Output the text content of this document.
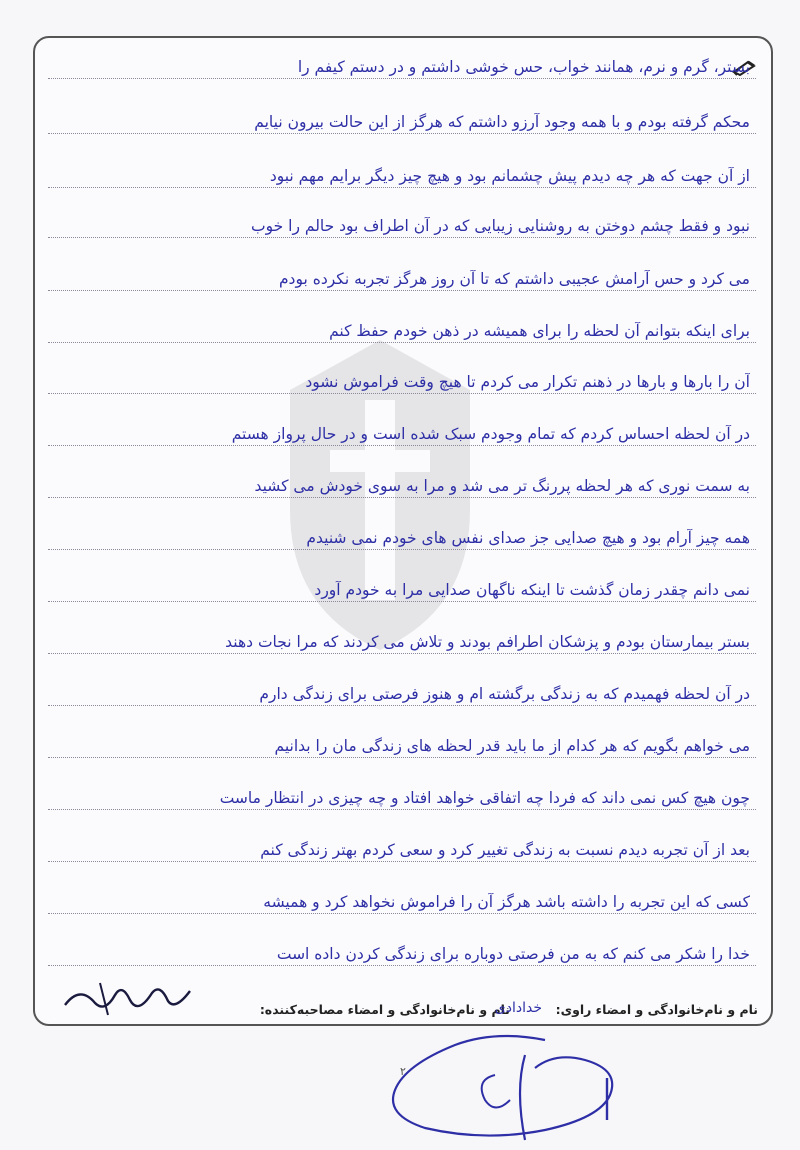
بستر، گرم و نرم، همانند خواب، حس خوشی داشتم و در دستم کیفم را
محکم گرفته بودم و با همه وجود آرزو داشتم که هرگز از این حالت بیرون نیایم
از آن جهت که هر چه دیدم پیش چشمانم بود و هیچ چیز دیگر برایم مهم نبود
نبود و فقط چشم دوختن به روشنایی زیبایی که در آن اطراف بود حالم را خوب
می کرد و حس آرامش عجیبی داشتم که تا آن روز هرگز تجربه نکرده بودم
برای اینکه بتوانم آن لحظه را برای همیشه در ذهن خودم حفظ کنم
آن را بارها و بارها در ذهنم تکرار می کردم تا هیچ وقت فراموش نشود
در آن لحظه احساس کردم که تمام وجودم سبک شده است و در حال پرواز هستم
به سمت نوری که هر لحظه پررنگ تر می شد و مرا به سوی خودش می کشید
همه چیز آرام بود و هیچ صدایی جز صدای نفس های خودم نمی شنیدم
نمی دانم چقدر زمان گذشت تا اینکه ناگهان صدایی مرا به خودم آورد
بستر بیمارستان بودم و پزشکان اطرافم بودند و تلاش می کردند که مرا نجات دهند
در آن لحظه فهمیدم که به زندگی برگشته ام و هنوز فرصتی برای زندگی دارم
می خواهم بگویم که هر کدام از ما باید قدر لحظه های زندگی مان را بدانیم
چون هیچ کس نمی داند که فردا چه اتفاقی خواهد افتاد و چه چیزی در انتظار ماست
بعد از آن تجربه دیدم نسبت به زندگی تغییر کرد و سعی کردم بهتر زندگی کنم
کسی که این تجربه را داشته باشد هرگز آن را فراموش نخواهد کرد و همیشه
خدا را شکر می کنم که به من فرصتی دوباره برای زندگی کردن داده است
نام و نام‌خانوادگی و امضاء راوی:
نام و نام‌خانوادگی و امضاء مصاحبه‌کننده:
خدادادی
۲
